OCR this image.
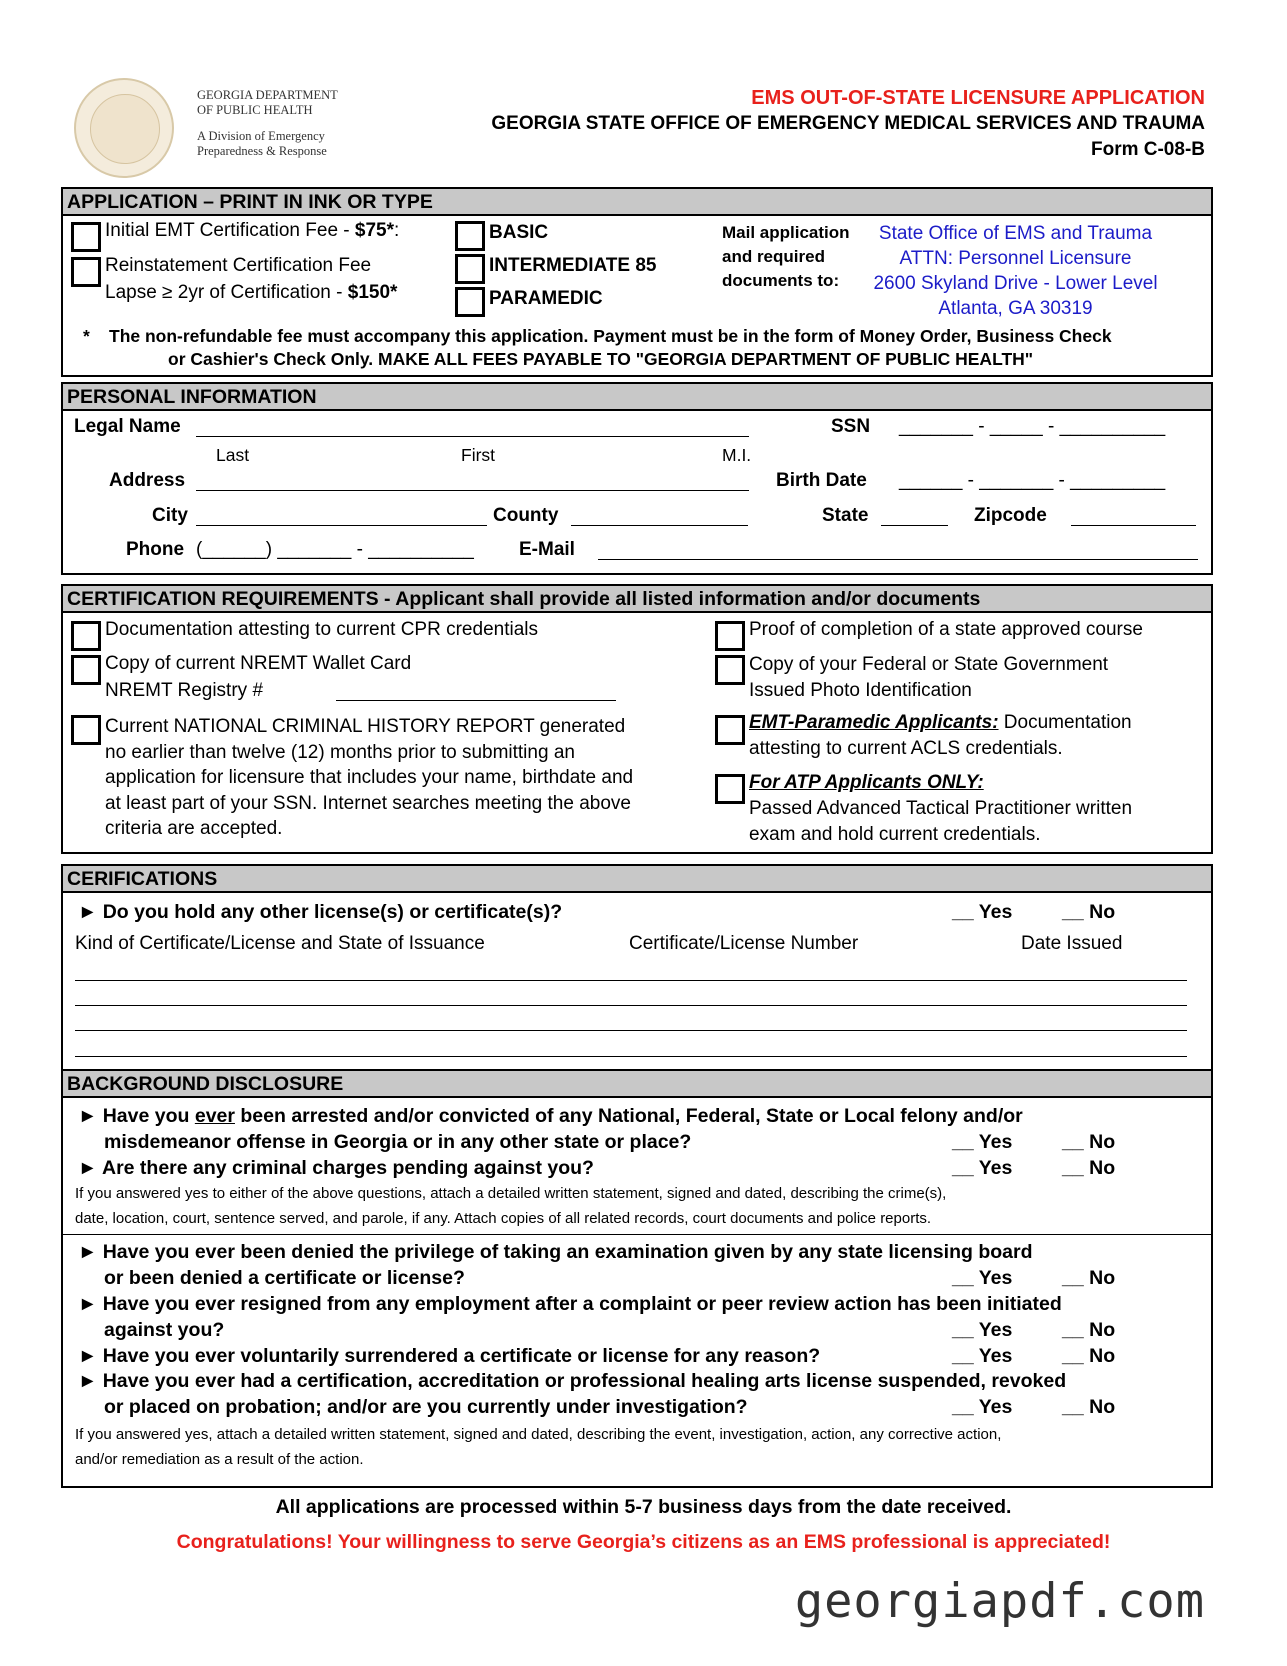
GEORGIA DEPARTMENT
OF PUBLIC HEALTH
A Division of Emergency
Preparedness & Response
EMS OUT-OF-STATE LICENSURE APPLICATION
GEORGIA STATE OFFICE OF EMERGENCY MEDICAL SERVICES AND TRAUMA
Form C-08-B
APPLICATION – PRINT IN INK OR TYPE
Initial EMT Certification Fee - $75*:
Reinstatement Certification Fee
Lapse ≥ 2yr of Certification - $150*
BASIC
INTERMEDIATE 85
PARAMEDIC
Mail application
and required
documents to:
State Office of EMS and Trauma
ATTN: Personnel Licensure
2600 Skyland Drive - Lower Level
Atlanta, GA 30319
* The non-refundable fee must accompany this application. Payment must be in the form of Money Order, Business Check
or Cashier's Check Only. MAKE ALL FEES PAYABLE TO "GEORGIA DEPARTMENT OF PUBLIC HEALTH"
PERSONAL INFORMATION
Legal Name
Last	First	M.I.
SSN _______ - _____ - __________
Address	Birth Date ______ - _______ - _________
City	County	State	Zipcode
Phone (______) _______ - __________ E-Mail
CERTIFICATION REQUIREMENTS - Applicant shall provide all listed information and/or documents
Documentation attesting to current CPR credentials
Copy of current NREMT Wallet Card
NREMT Registry #
Current NATIONAL CRIMINAL HISTORY REPORT generated
no earlier than twelve (12) months prior to submitting an
application for licensure that includes your name, birthdate and
at least part of your SSN. Internet searches meeting the above
criteria are accepted.
Proof of completion of a state approved course
Copy of your Federal or State Government
Issued Photo Identification
EMT-Paramedic Applicants: Documentation
attesting to current ACLS credentials.
For ATP Applicants ONLY:
Passed Advanced Tactical Practitioner written
exam and hold current credentials.
CERIFICATIONS
► Do you hold any other license(s) or certificate(s)?	__ Yes	__ No
Kind of Certificate/License and State of Issuance	Certificate/License Number	Date Issued
BACKGROUND DISCLOSURE
► Have you ever been arrested and/or convicted of any National, Federal, State or Local felony and/or
misdemeanor offense in Georgia or in any other state or place?	__ Yes	__ No
► Are there any criminal charges pending against you?	__ Yes	__ No
If you answered yes to either of the above questions, attach a detailed written statement, signed and dated, describing the crime(s),
date, location, court, sentence served, and parole, if any. Attach copies of all related records, court documents and police reports.
► Have you ever been denied the privilege of taking an examination given by any state licensing board
or been denied a certificate or license?	__ Yes	__ No
► Have you ever resigned from any employment after a complaint or peer review action has been initiated
against you?	__ Yes	__ No
► Have you ever voluntarily surrendered a certificate or license for any reason?	__ Yes	__ No
► Have you ever had a certification, accreditation or professional healing arts license suspended, revoked
or placed on probation; and/or are you currently under investigation?	__ Yes	__ No
If you answered yes, attach a detailed written statement, signed and dated, describing the event, investigation, action, any corrective action,
and/or remediation as a result of the action.
All applications are processed within 5-7 business days from the date received.
Congratulations! Your willingness to serve Georgia’s citizens as an EMS professional is appreciated!
georgiapdf.com
